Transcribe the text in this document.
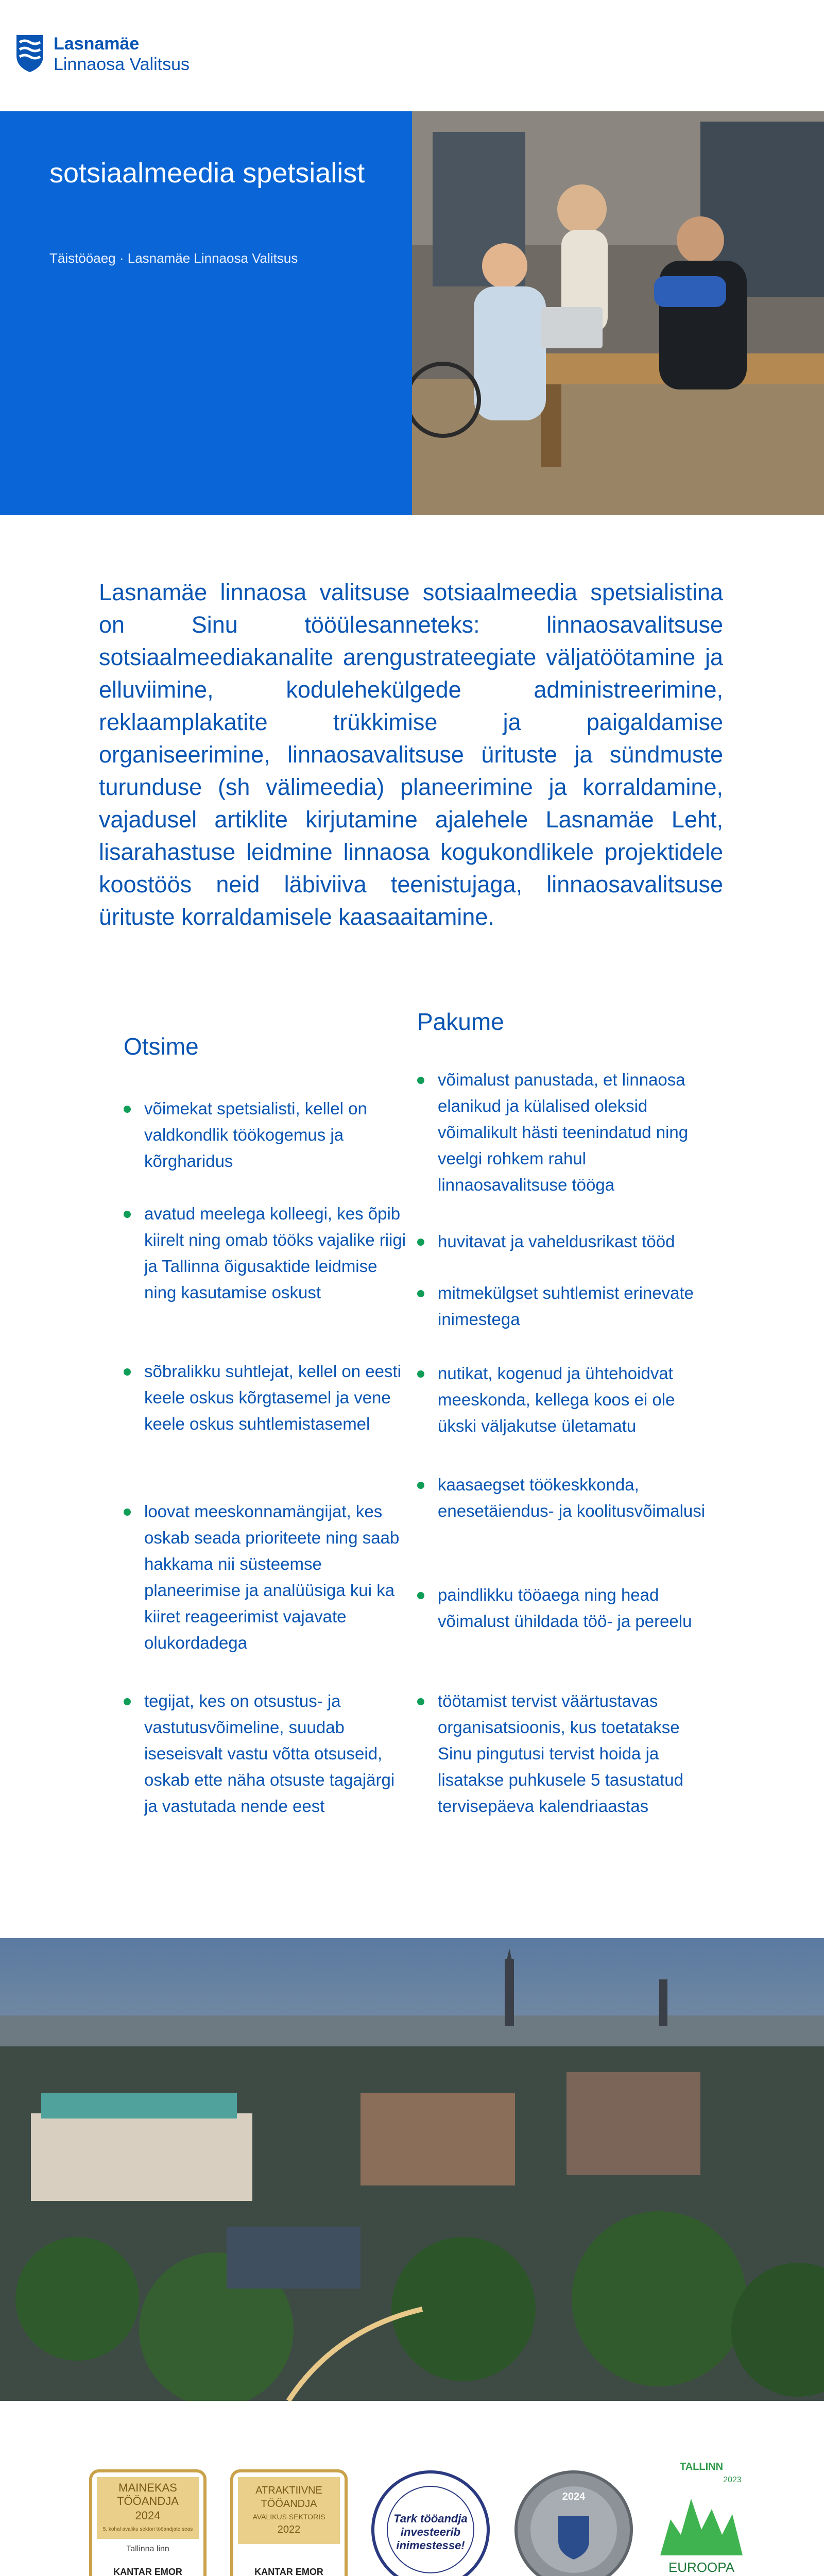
Lasnamäe
Linnaosa Valitsus
sotsiaalmeedia spetsialist
Täistööaeg · Lasnamäe Linnaosa Valitsus
Lasnamäe linnaosa valitsuse sotsiaalmeedia spetsialistina on Sinu tööülesanneteks: linnaosavalitsuse sotsiaalmeediakanalite arengustrateegiate väljatöötamine ja elluviimine, kodulehekülgede administreerimine, reklaamplakatite trükkimise ja paigaldamise organiseerimine, linnaosavalitsuse ürituste ja sündmuste turunduse (sh välimeedia) planeerimine ja korraldamine, vajadusel artiklite kirjutamine ajalehele Lasnamäe Leht, lisarahastuse leidmine linnaosa kogukondlikele projektidele koostöös neid läbiviiva teenistujaga, linnaosavalitsuse ürituste korraldamisele kaasaaitamine.
Otsime
võimekat spetsialisti, kellel on valdkondlik töökogemus ja kõrgharidus
avatud meelega kolleegi, kes õpib kiirelt ning omab tööks vajalike riigi ja Tallinna õigusaktide leidmise ning kasutamise oskust
sõbralikku suhtlejat, kellel on eesti keele oskus kõrgtasemel ja vene keele oskus suhtlemistasemel
loovat meeskonnamängijat, kes oskab seada prioriteete ning saab hakkama nii süsteemse planeerimise ja analüüsiga kui ka kiiret reageerimist vajavate olukordadega
tegijat, kes on otsustus- ja vastutusvõimeline, suudab iseseisvalt vastu võtta otsuseid, oskab ette näha otsuste tagajärgi ja vastutada nende eest
Pakume
võimalust panustada, et linnaosa elanikud ja külalised oleksid võimalikult hästi teenindatud ning veelgi rohkem rahul linnaosavalitsuse tööga
huvitavat ja vaheldusrikast tööd
mitmekülgset suhtlemist erinevate inimestega
nutikat, kogenud ja ühtehoidvat meeskonda, kellega koos ei ole ükski väljakutse ületamatu
kaasaegset töökeskkonda, enesetäiendus- ja koolitusvõimalusi
paindlikku tööaega ning head võimalust ühildada töö- ja pereelu
töötamist tervist väärtustavas organisatsioonis, kus toetatakse Sinu pingutusi tervist hoida ja lisatakse puhkusele 5 tasustatud tervisepäeva kalendriaastas
MAINEKAS
TÖÖANDJA
2024
5. kohal avaliku sektori tööandjate seas
Tallinna linn
KANTAR EMOR
ATRAKTIIVNE
TÖÖANDJA
AVALIKUS SEKTORIS
2022
KANTAR EMOR
Tark tööandja
investeerib
inimestesse!
2024
TALLINN
2023
EUROOPA
